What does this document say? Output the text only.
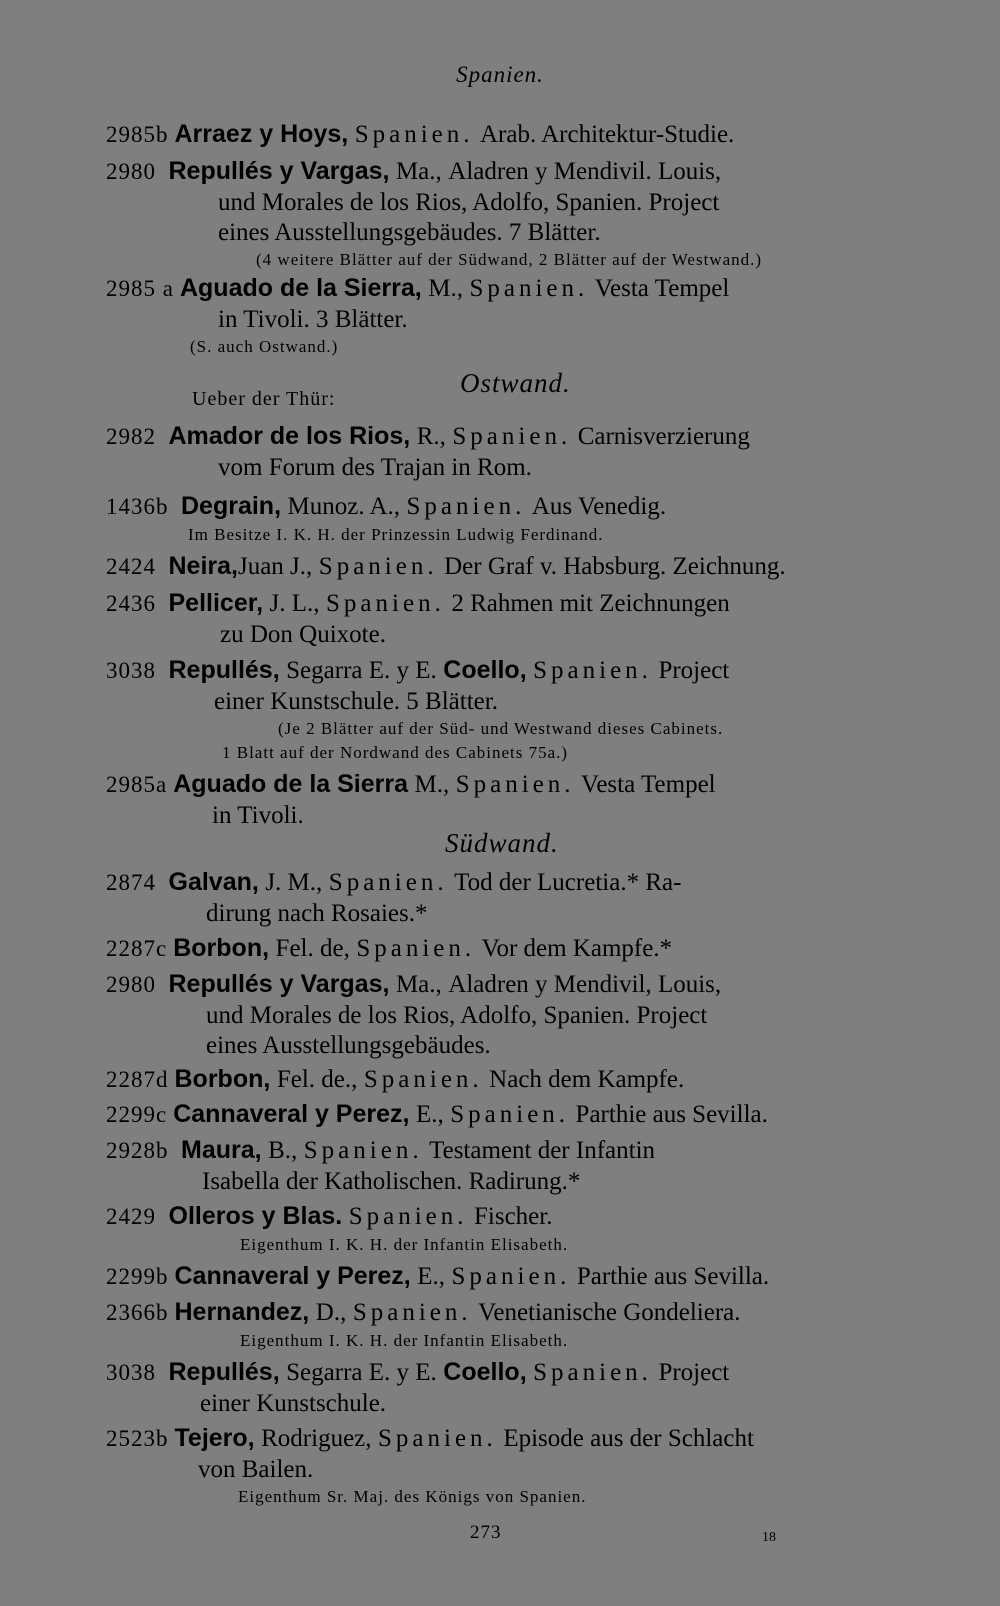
Spanien.
2985b Arraez y Hoys, Spanien. Arab. Architektur-Studie.
2980 Repullés y Vargas, Ma., Aladren y Mendivil. Louis,
und Morales de los Rios, Adolfo, Spanien. Project
eines Ausstellungsgebäudes. 7 Blätter.
(4 weitere Blätter auf der Südwand, 2 Blätter auf der Westwand.)
2985 a Aguado de la Sierra, M., Spanien. Vesta Tempel
in Tivoli. 3 Blätter.
(S. auch Ostwand.)
Ostwand.
Ueber der Thür:
2982 Amador de los Rios, R., Spanien. Carnisverzierung
vom Forum des Trajan in Rom.
1436b Degrain, Munoz. A., Spanien. Aus Venedig.
Im Besitze I. K. H. der Prinzessin Ludwig Ferdinand.
2424 Neira,Juan J., Spanien. Der Graf v. Habsburg. Zeichnung.
2436 Pellicer, J. L., Spanien. 2 Rahmen mit Zeichnungen
zu Don Quixote.
3038 Repullés, Segarra E. y E. Coello, Spanien. Project
einer Kunstschule. 5 Blätter.
(Je 2 Blätter auf der Süd- und Westwand dieses Cabinets.
1 Blatt auf der Nordwand des Cabinets 75a.)
2985a Aguado de la Sierra M., Spanien. Vesta Tempel
in Tivoli.
Südwand.
2874 Galvan, J. M., Spanien. Tod der Lucretia.* Ra-
dirung nach Rosaies.*
2287c Borbon, Fel. de, Spanien. Vor dem Kampfe.*
2980 Repullés y Vargas, Ma., Aladren y Mendivil, Louis,
und Morales de los Rios, Adolfo, Spanien. Project
eines Ausstellungsgebäudes.
2287d Borbon, Fel. de., Spanien. Nach dem Kampfe.
2299c Cannaveral y Perez, E., Spanien. Parthie aus Sevilla.
2928b Maura, B., Spanien. Testament der Infantin
Isabella der Katholischen. Radirung.*
2429 Olleros y Blas. Spanien. Fischer.
Eigenthum I. K. H. der Infantin Elisabeth.
2299b Cannaveral y Perez, E., Spanien. Parthie aus Sevilla.
2366b Hernandez, D., Spanien. Venetianische Gondeliera.
Eigenthum I. K. H. der Infantin Elisabeth.
3038 Repullés, Segarra E. y E. Coello, Spanien. Project
einer Kunstschule.
2523b Tejero, Rodriguez, Spanien. Episode aus der Schlacht
von Bailen.
Eigenthum Sr. Maj. des Königs von Spanien.
273	18
